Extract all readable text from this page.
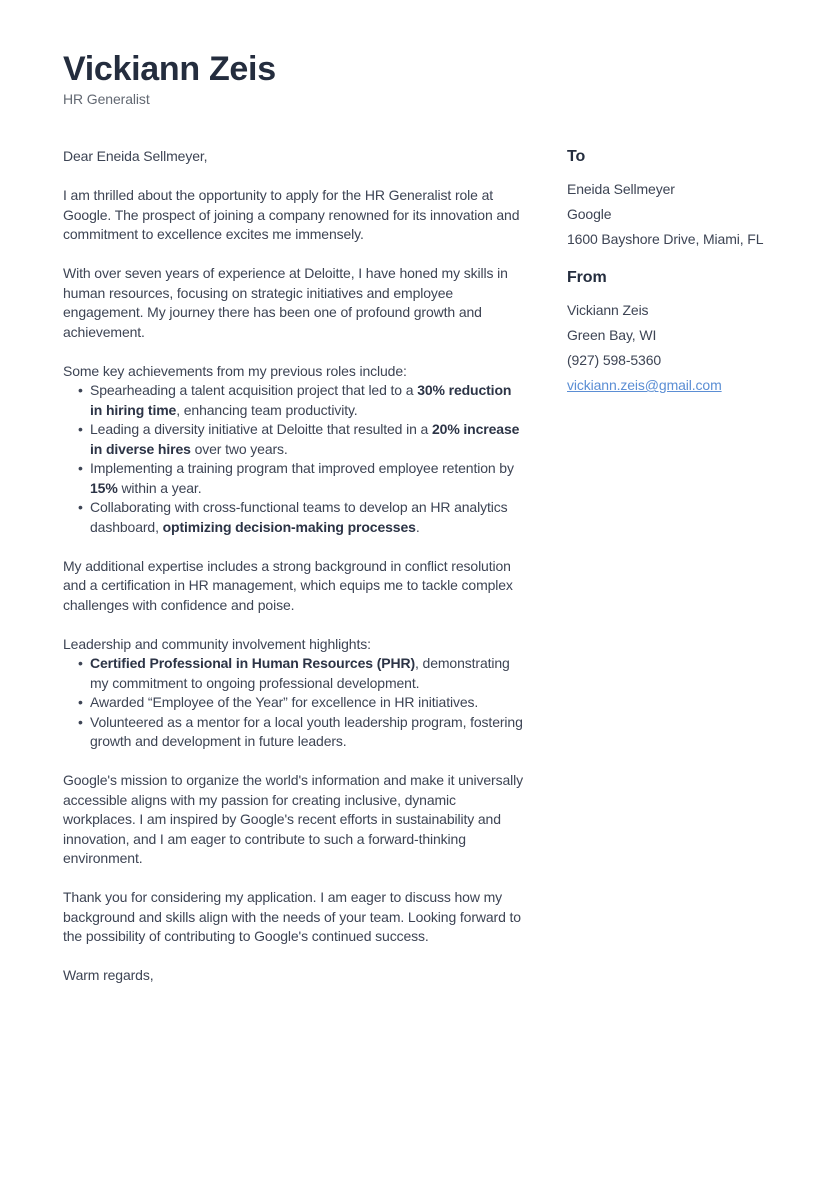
Vickiann Zeis
HR Generalist

Dear Eneida Sellmeyer,

I am thrilled about the opportunity to apply for the HR Generalist role at Google. The prospect of joining a company renowned for its innovation and commitment to excellence excites me immensely.

With over seven years of experience at Deloitte, I have honed my skills in human resources, focusing on strategic initiatives and employee engagement. My journey there has been one of profound growth and achievement.

Some key achievements from my previous roles include:

• Spearheading a talent acquisition project that led to a 30% reduction in hiring time, enhancing team productivity.
• Leading a diversity initiative at Deloitte that resulted in a 20% increase in diverse hires over two years.
• Implementing a training program that improved employee retention by 15% within a year.
• Collaborating with cross-functional teams to develop an HR analytics dashboard, optimizing decision-making processes.

My additional expertise includes a strong background in conflict resolution and a certification in HR management, which equips me to tackle complex challenges with confidence and poise.

Leadership and community involvement highlights:

• Certified Professional in Human Resources (PHR), demonstrating my commitment to ongoing professional development.
• Awarded “Employee of the Year” for excellence in HR initiatives.
• Volunteered as a mentor for a local youth leadership program, fostering growth and development in future leaders.

Google's mission to organize the world's information and make it universally accessible aligns with my passion for creating inclusive, dynamic workplaces. I am inspired by Google's recent efforts in sustainability and innovation, and I am eager to contribute to such a forward-thinking environment.

Thank you for considering my application. I am eager to discuss how my background and skills align with the needs of your team. Looking forward to the possibility of contributing to Google's continued success.

Warm regards,

To
Eneida Sellmeyer
Google
1600 Bayshore Drive, Miami, FL
From
Vickiann Zeis
Green Bay, WI
(927) 598-5360
vickiann.zeis@gmail.com
